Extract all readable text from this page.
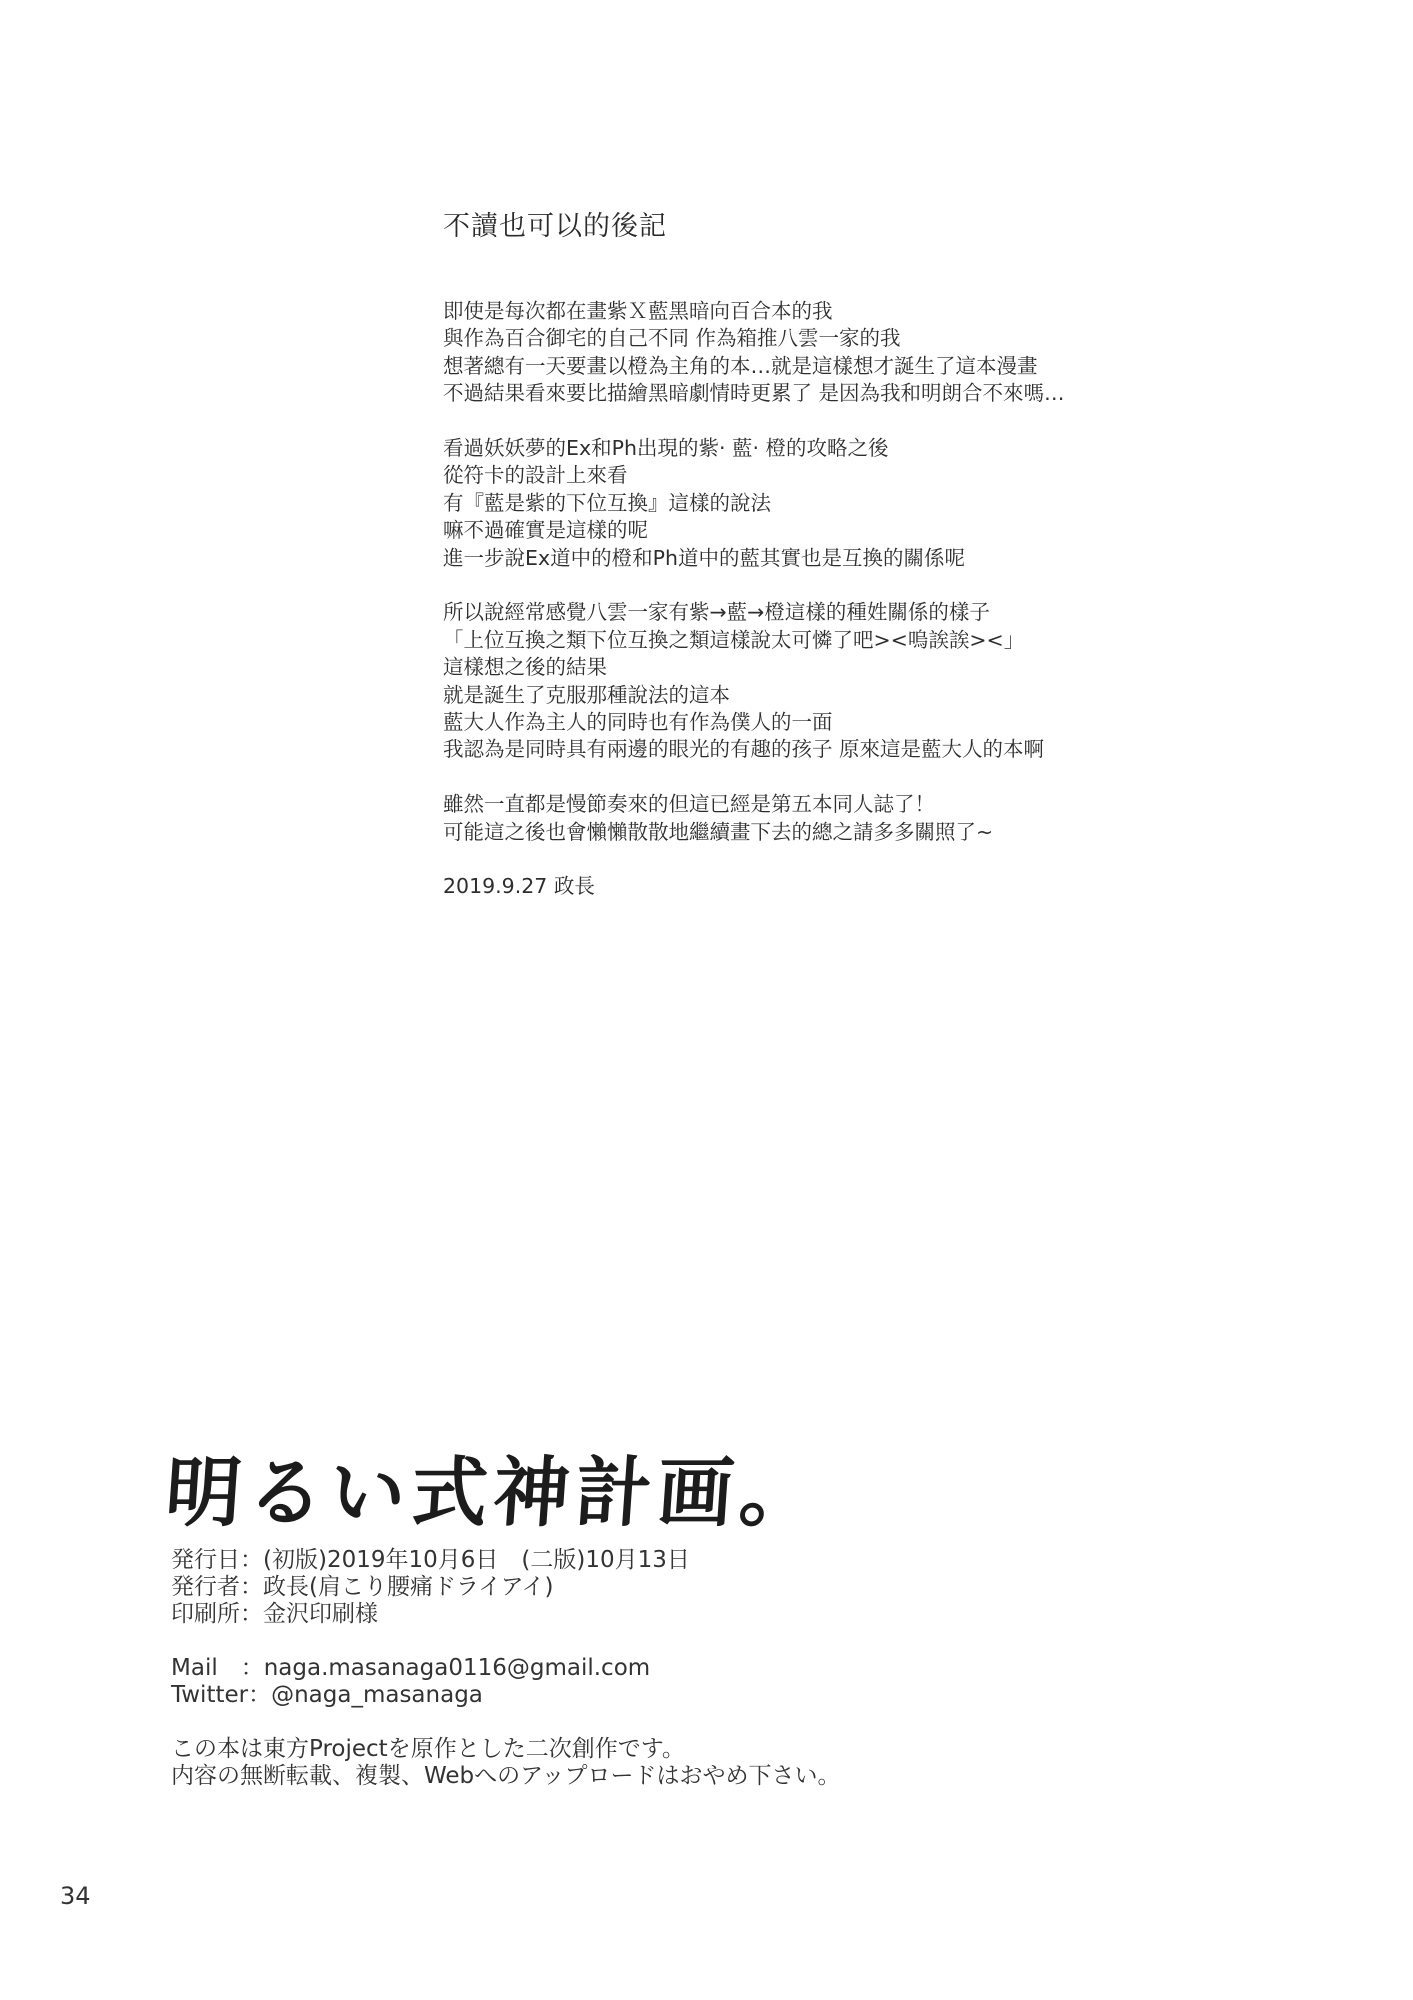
不讀也可以的後記
即使是每次都在畫紫Ｘ藍黑暗向百合本的我
與作為百合御宅的自己不同 作為箱推八雲一家的我
想著總有一天要畫以橙為主角的本…就是這樣想才誕生了這本漫畫
不過結果看來要比描繪黑暗劇情時更累了 是因為我和明朗合不來嗎…
看過妖妖夢的Ex和Ph出現的紫· 藍· 橙的攻略之後
從符卡的設計上來看
有『藍是紫的下位互換』這樣的說法
嘛不過確實是這樣的呢
進一步說Ex道中的橙和Ph道中的藍其實也是互換的關係呢
所以說經常感覺八雲一家有紫→藍→橙這樣的種姓關係的樣子
「上位互換之類下位互換之類這樣說太可憐了吧><嗚誒誒><」
這樣想之後的結果
就是誕生了克服那種說法的這本
藍大人作為主人的同時也有作為僕人的一面
我認為是同時具有兩邊的眼光的有趣的孩子 原來這是藍大人的本啊
雖然一直都是慢節奏來的但這已經是第五本同人誌了！
可能這之後也會懶懶散散地繼續畫下去的總之請多多關照了~
2019.9.27 政長
明るい式神計画。
発行日：(初版)2019年10月6日　(二版)10月13日
発行者：政長(肩こり腰痛ドライアイ)
印刷所：金沢印刷様
Mail　：naga.masanaga0116@gmail.com
Twitter：@naga_masanaga
この本は東方Projectを原作とした二次創作です。
内容の無断転載、複製、Webへのアップロードはおやめ下さい。
34
